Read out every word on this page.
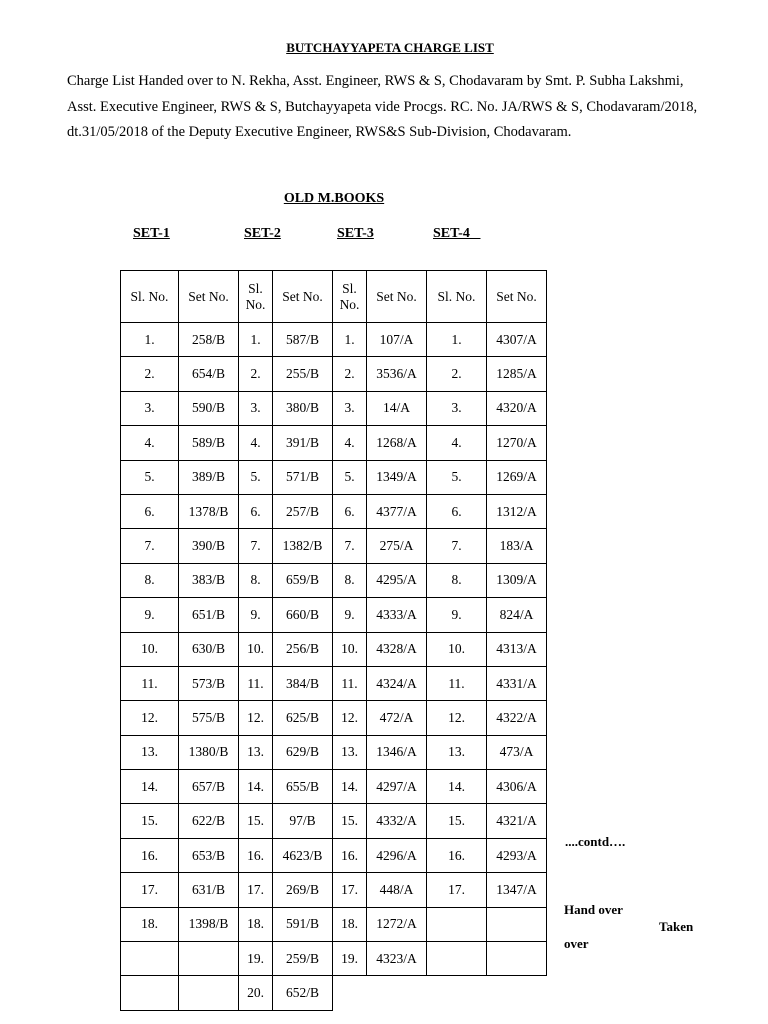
BUTCHAYYAPETA CHARGE LIST
Charge List Handed over to N. Rekha, Asst. Engineer, RWS & S, Chodavaram by Smt. P. Subha Lakshmi, Asst. Executive Engineer, RWS & S, Butchayyapeta vide Procgs. RC. No. JA/RWS & S, Chodavaram/2018, dt.31/05/2018 of the Deputy Executive Engineer, RWS&S Sub-Division, Chodavaram.
OLD M.BOOKS
SET-1	SET-2	SET-3	SET-4 _
Sl. No.	Set No.	Sl. No.	Set No.	Sl. No.	Set No.	Sl. No.	Set No.
1.	258/B	1.	587/B	1.	107/A	1.	4307/A
2.	654/B	2.	255/B	2.	3536/A	2.	1285/A
3.	590/B	3.	380/B	3.	14/A	3.	4320/A
4.	589/B	4.	391/B	4.	1268/A	4.	1270/A
5.	389/B	5.	571/B	5.	1349/A	5.	1269/A
6.	1378/B	6.	257/B	6.	4377/A	6.	1312/A
7.	390/B	7.	1382/B	7.	275/A	7.	183/A
8.	383/B	8.	659/B	8.	4295/A	8.	1309/A
9.	651/B	9.	660/B	9.	4333/A	9.	824/A
10.	630/B	10.	256/B	10.	4328/A	10.	4313/A
11.	573/B	11.	384/B	11.	4324/A	11.	4331/A
12.	575/B	12.	625/B	12.	472/A	12.	4322/A
13.	1380/B	13.	629/B	13.	1346/A	13.	473/A
14.	657/B	14.	655/B	14.	4297/A	14.	4306/A
15.	622/B	15.	97/B	15.	4332/A	15.	4321/A
16.	653/B	16.	4623/B	16.	4296/A	16.	4293/A
17.	631/B	17.	269/B	17.	448/A	17.	1347/A
18.	1398/B	18.	591/B	18.	1272/A		
		19.	259/B	19.	4323/A		
		20.	652/B				
....contd….
Hand over
Taken
over
